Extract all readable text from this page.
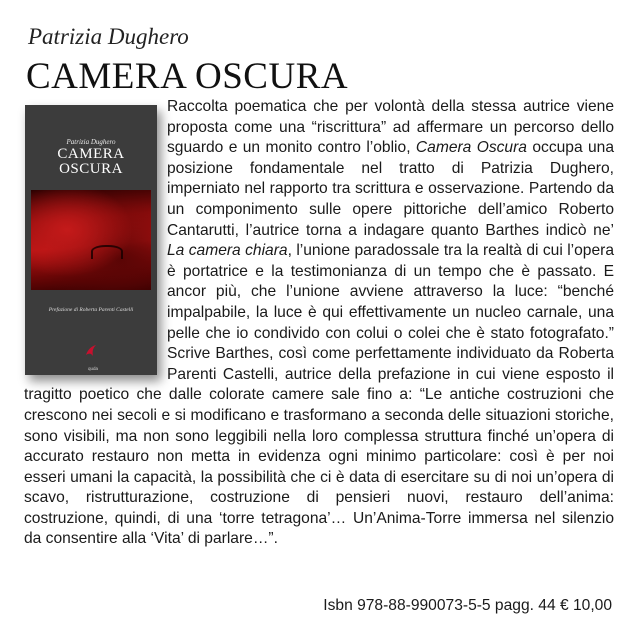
Patrizia Dughero
CAMERA OSCURA

Patrizia Dughero
CAMERA
OSCURA
Prefazione di Roberta Parenti Castelli
quda
Raccolta poematica che per volontà della stessa autrice viene proposta come una “riscrittura” ad affermare un percorso dello sguardo e un monito contro l’oblio, Camera Oscura occupa una posizione fondamentale nel tratto di Patrizia Dughero, imperniato nel rapporto tra scrittura e osservazione. Partendo da un componimento sulle opere pittoriche dell’amico Roberto Cantarutti, l’autrice torna a indagare quanto Barthes indicò ne’ La camera chiara, l’unione paradossale tra la realtà di cui l’opera è portatrice e la testimonianza di un tempo che è passato. E ancor più, che l’unione avviene attraverso la luce: “benché impalpabile, la luce è qui effettivamente un nucleo carnale, una pelle che io condivido con colui o colei che è stato fotografato.” Scrive Barthes, così come perfettamente individuato da Roberta Parenti Castelli, autrice della prefazione in cui viene esposto il tragitto poetico che dalle colorate camere sale fino a: “Le antiche costruzioni che crescono nei secoli e si modificano e trasformano a seconda delle situazioni storiche, sono visibili, ma non sono leggibili nella loro complessa struttura finché un’opera di accurato restauro non metta in evidenza ogni minimo particolare: così è per noi esseri umani la capacità, la possibilità che ci è data di esercitare su di noi un’opera di scavo, ristrutturazione, costruzione di pensieri nuovi, restauro dell’anima: costruzione, quindi, di una ‘torre tetragona’… Un’Anima-Torre immersa nel silenzio da consentire alla ‘Vita’ di parlare…”.

Isbn 978-88-990073-5-5 pagg. 44 € 10,00
